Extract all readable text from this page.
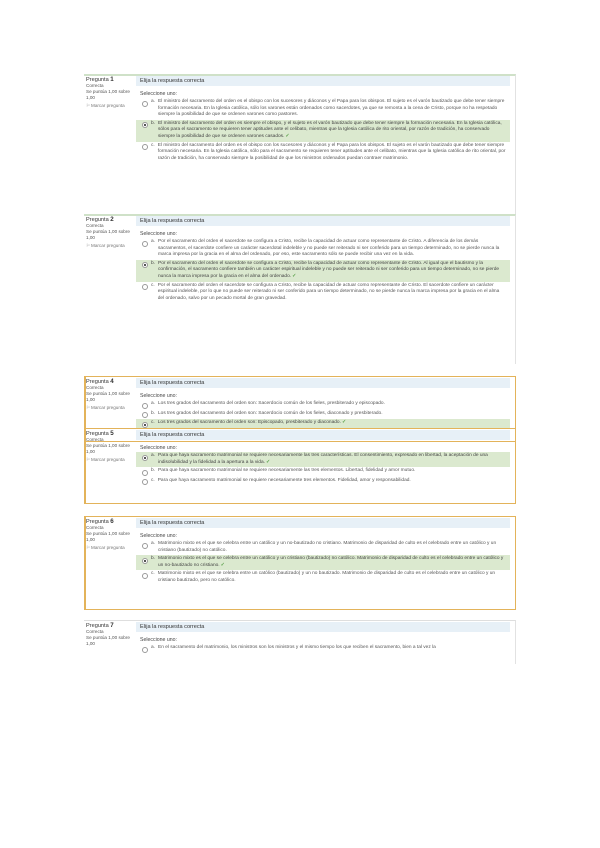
Pregunta 1
Correcta
Se puntúa 1,00 sobre 1,00
⚐Marcar pregunta
Elija la respuesta correcta
Seleccione uno:
a. El ministro del sacramento del orden es el obispo con los sucesores y diáconos y el Papa para los obispos. El sujeto es el varón bautizado que debe tener siempre formación necesaria. En la Iglesia católica, sólo los varones están ordenados como sacerdotes, ya que se remonta a la cena de Cristo, porque no ha respetado siempre la posibilidad de que se ordenen varones como pastores.
b. El ministro del sacramento del orden es siempre el obispo, y el sujeto es el varón bautizado que debe tener siempre la formación necesaria. En la Iglesia católica, sólos para el sacramento se requieren tener aptitudes ante el celibato, mientras que la Iglesia católica de rito oriental, por razón de tradición, ha conservado siempre la posibilidad de que se ordenen varones casados.✓
c. El ministro del sacramento del orden es el obispo con los sucesores y diáconos y el Papa para los obispos. El sujeto es el varón bautizado que debe tener siempre formación necesaria. En la Iglesia católica, sólo para el sacramento se requieren tener aptitudes ante el celibato, mientras que la Iglesia católica de rito oriental, por razón de tradición, ha conservado siempre la posibilidad de que los ministros ordenados puedan contraer matrimonio.
Pregunta 2
Correcta
Se puntúa 1,00 sobre 1,00
⚐Marcar pregunta
Elija la respuesta correcta
Seleccione uno:
a. Por el sacramento del orden el sacerdote se configura a Cristo, recibe la capacidad de actuar como representante de Cristo. A diferencia de los demás sacramentos, el sacerdote confiere un carácter sacerdotal indeleble y no puede ser reiterado ni ser conferido para un tiempo determinado, no se pierde nunca la marca impresa por la gracia en el alma del ordenado, por eso, este sacramento sólo se puede recibir una vez en la vida.
b. Por el sacramento del orden el sacerdote se configura a Cristo, recibe la capacidad de actuar como representante de Cristo. Al igual que el bautismo y la confirmación, el sacramento confiere también un carácter espiritual indeleble y no puede ser reiterado ni ser conferido para un tiempo determinado, no se pierde nunca la marca impresa por la gracia en el alma del ordenado.✓
c. Por el sacramento del orden el sacerdote se configura a Cristo, recibe la capacidad de actuar como representante de Cristo. El sacerdote confiere un carácter espiritual indeleble, por lo que no puede ser reiterado ni ser conferido para un tiempo determinado, no se pierde nunca la marca impresa por la gracia en el alma del ordenado, salvo por un pecado mortal de gran gravedad.
Pregunta 4
Correcta
Se puntúa 1,00 sobre 1,00
⚐Marcar pregunta
Elija la respuesta correcta
Seleccione uno:
a. Los tres grados del sacramento del orden son: Sacerdocio común de los fieles, presbiterado y episcopado.
b. Los tres grados del sacramento del orden son: Sacerdocio común de los fieles, diaconado y presbiterado.
c. Los tres grados del sacramento del orden son: Episcopado, presbiterado y diaconado.✓
Pregunta 5
Correcta
Se puntúa 1,00 sobre 1,00
⚐Marcar pregunta
Elija la respuesta correcta
Seleccione uno:
a. Para que haya sacramento matrimonial se requiere necesariamente las tres características. El consentimiento, expresado en libertad, la aceptación de una indisolubilidad y la fidelidad a la apertura a la vida.✓
b. Para que haya sacramento matrimonial se requiere necesariamente las tres elementos. Libertad, fidelidad y amor mutuo.
c. Para que haya sacramento matrimonial se requiere necesariamente tres elementos. Fidelidad, amor y responsabilidad.
Pregunta 6
Correcta
Se puntúa 1,00 sobre 1,00
⚐Marcar pregunta
Elija la respuesta correcta
Seleccione uno:
a. Matrimonio mixto es el que se celebra entre un católico y un no-bautizado no cristiano. Matrimonio de disparidad de culto es el celebrado entre un católico y un cristiano (bautizado) no católico.
b. Matrimonio mixto es el que se celebra entre un católico y un cristiano (bautizado) no católico. Matrimonio de disparidad de culto es el celebrado entre un católico y un no-bautizado no cristiano.✓
c. Matrimonio mixto es el que se celebra entre un católico (bautizado) y un no bautizado. Matrimonio de disparidad de culto es el celebrado entre un católico y un cristiano bautizado, pero no católico.
Pregunta 7
Correcta
Se puntúa 1,00 sobre 1,00
Elija la respuesta correcta
Seleccione uno:
a. En el sacramento del matrimonio, los ministros son los ministros y el mismo tiempo los que reciben el sacramento, bien a tal vez la
